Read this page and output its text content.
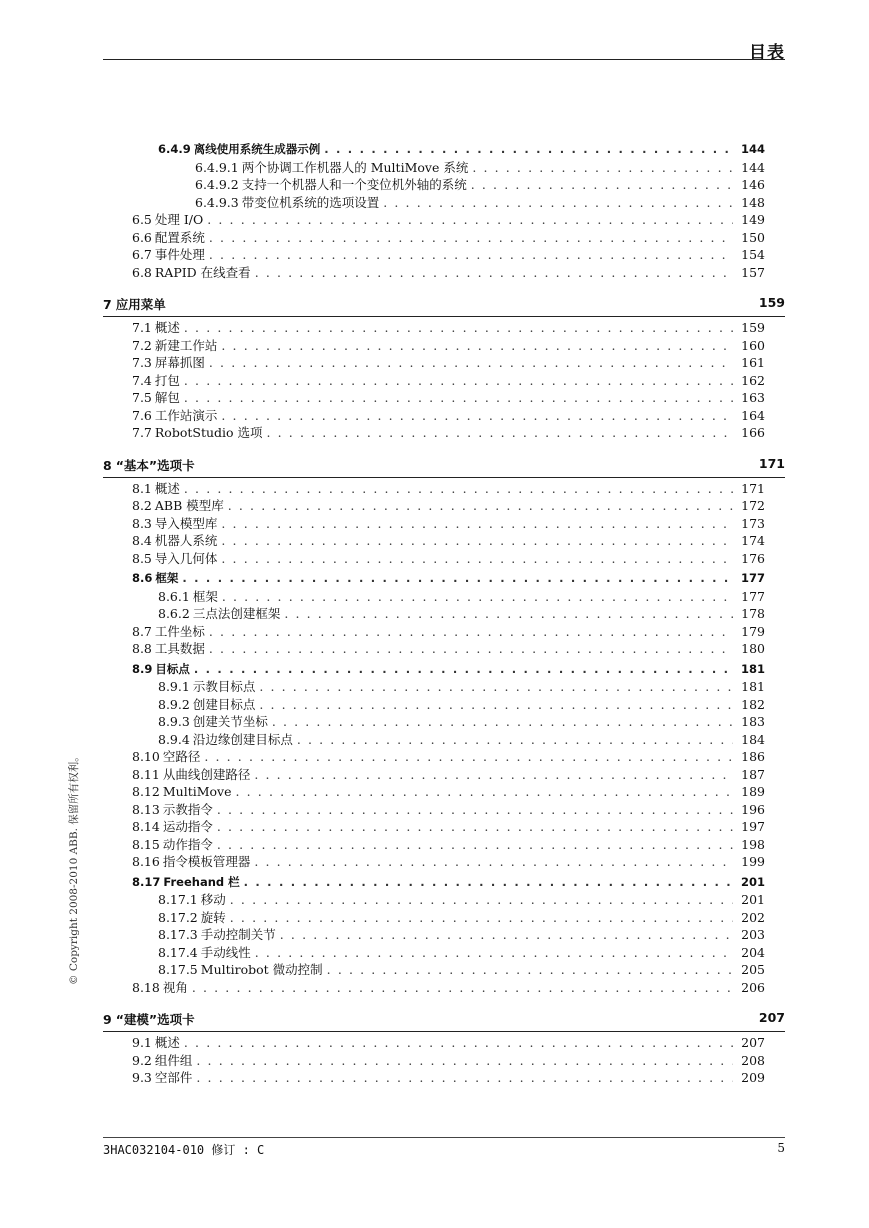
目表
6.4.9 离线使用系统生成器示例 . . .	144
6.4.9.1 两个协调工作机器人的 MultiMove 系统 . . .	144
6.4.9.2 支持一个机器人和一个变位机外轴的系统 . . .	146
6.4.9.3 带变位机系统的选项设置 . . .	148
6.5 处理 I/O . . .	149
6.6 配置系统 . . .	150
6.7 事件处理 . . .	154
6.8 RAPID 在线查看 . . .	157
7 应用菜单	159
7.1 概述 . . .	159
7.2 新建工作站 . . .	160
7.3 屏幕抓图 . . .	161
7.4 打包 . . .	162
7.5 解包 . . .	163
7.6 工作站演示 . . .	164
7.7 RobotStudio 选项 . . .	166
8 “基本”选项卡	171
8.1 概述 . . .	171
8.2 ABB 模型库 . . .	172
8.3 导入模型库 . . .	173
8.4 机器人系统 . . .	174
8.5 导入几何体 . . .	176
8.6 框架 . . .	177
8.6.1 框架 . . .	177
8.6.2 三点法创建框架 . . .	178
8.7 工件坐标 . . .	179
8.8 工具数据 . . .	180
8.9 目标点 . . .	181
8.9.1 示教目标点 . . .	181
8.9.2 创建目标点 . . .	182
8.9.3 创建关节坐标 . . .	183
8.9.4 沿边缘创建目标点 . . .	184
8.10 空路径 . . .	186
8.11 从曲线创建路径 . . .	187
8.12 MultiMove . . .	189
8.13 示教指令 . . .	196
8.14 运动指令 . . .	197
8.15 动作指令 . . .	198
8.16 指令模板管理器 . . .	199
8.17 Freehand 栏 . . .	201
8.17.1 移动 . . .	201
8.17.2 旋转 . . .	202
8.17.3 手动控制关节 . . .	203
8.17.4 手动线性 . . .	204
8.17.5 Multirobot 微动控制 . . .	205
8.18 视角 . . .	206
9 “建模”选项卡	207
9.1 概述 . . .	207
9.2 组件组 . . .	208
9.3 空部件 . . .	209
© Copyright 2008-2010 ABB. 保留所有权利。
3HAC032104-010 修订 : C	5
